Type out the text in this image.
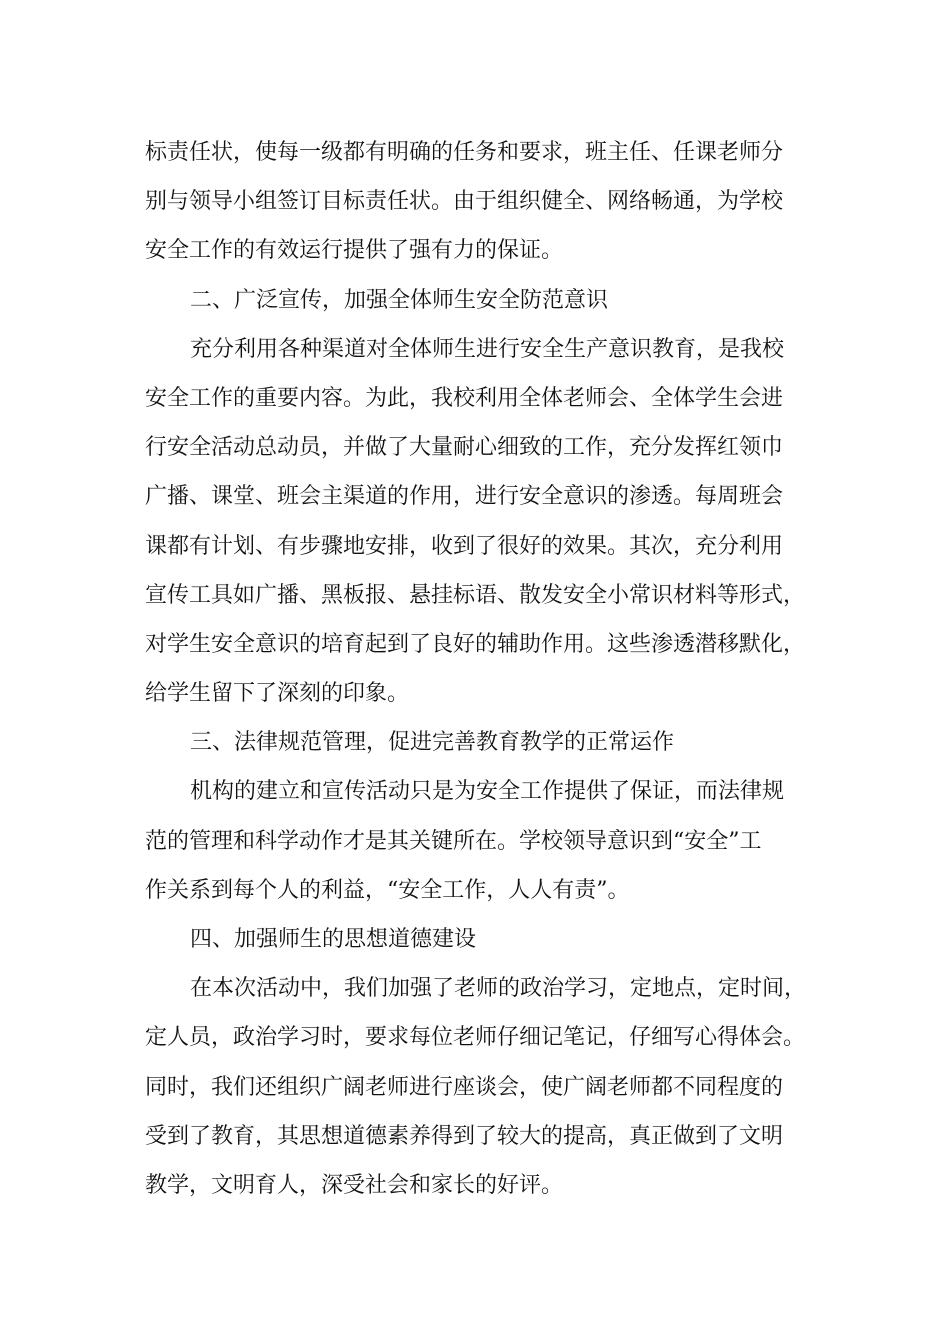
标责任状，使每一级都有明确的任务和要求，班主任、任课老师分
别与领导小组签订目标责任状。由于组织健全、网络畅通，为学校
安全工作的有效运行提供了强有力的保证。
二、广泛宣传，加强全体师生安全防范意识
充分利用各种渠道对全体师生进行安全生产意识教育，是我校
安全工作的重要内容。为此，我校利用全体老师会、全体学生会进
行安全活动总动员，并做了大量耐心细致的工作，充分发挥红领巾
广播、课堂、班会主渠道的作用，进行安全意识的渗透。每周班会
课都有计划、有步骤地安排，收到了很好的效果。其次，充分利用
宣传工具如广播、黑板报、悬挂标语、散发安全小常识材料等形式，
对学生安全意识的培育起到了良好的辅助作用。这些渗透潜移默化，
给学生留下了深刻的印象。
三、法律规范管理，促进完善教育教学的正常运作
机构的建立和宣传活动只是为安全工作提供了保证，而法律规
范的管理和科学动作才是其关键所在。学校领导意识到“安全”工
作关系到每个人的利益，“安全工作，人人有责”。
四、加强师生的思想道德建设
在本次活动中，我们加强了老师的政治学习，定地点，定时间，
定人员，政治学习时，要求每位老师仔细记笔记，仔细写心得体会。
同时，我们还组织广阔老师进行座谈会，使广阔老师都不同程度的
受到了教育，其思想道德素养得到了较大的提高，真正做到了文明
教学，文明育人，深受社会和家长的好评。
